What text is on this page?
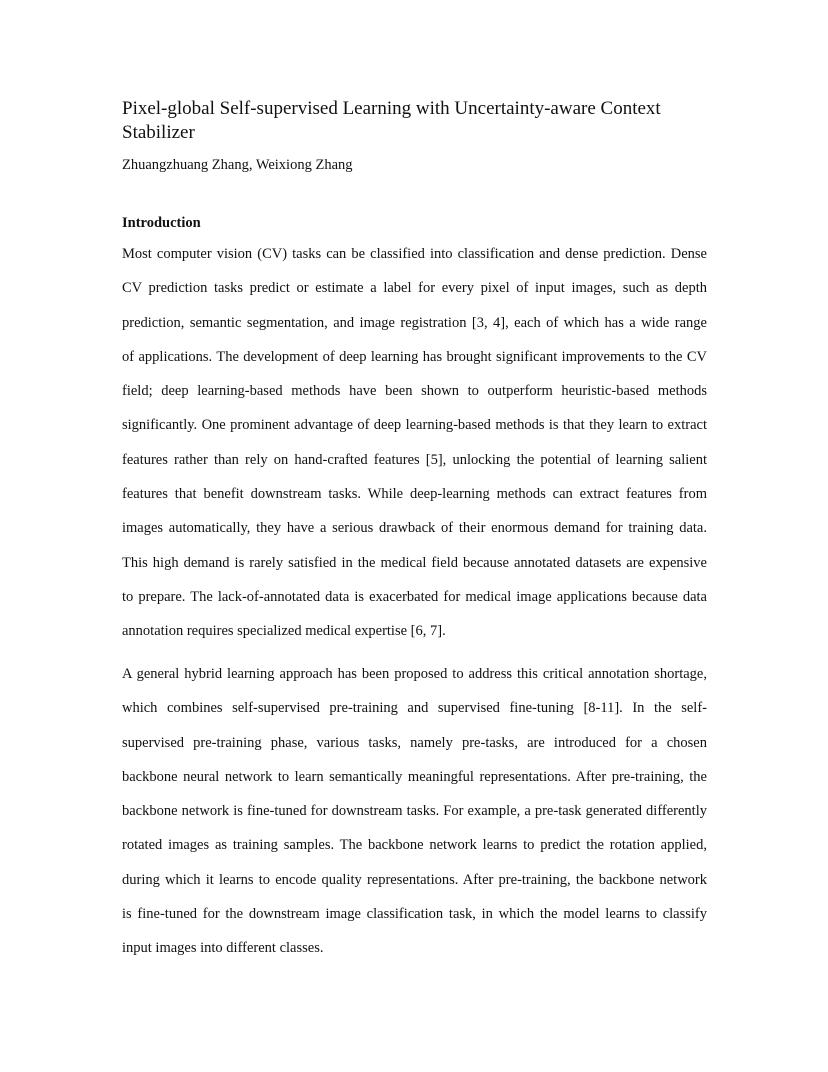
Pixel-global Self-supervised Learning with Uncertainty-aware Context Stabilizer

Zhuangzhuang Zhang, Weixiong Zhang

Introduction
Most computer vision (CV) tasks can be classified into classification and dense prediction. Dense
CV prediction tasks predict or estimate a label for every pixel of input images, such as depth
prediction, semantic segmentation, and image registration [3, 4], each of which has a wide range
of applications. The development of deep learning has brought significant improvements to the CV
field; deep learning-based methods have been shown to outperform heuristic-based methods
significantly. One prominent advantage of deep learning-based methods is that they learn to extract
features rather than rely on hand-crafted features [5], unlocking the potential of learning salient
features that benefit downstream tasks. While deep-learning methods can extract features from
images automatically, they have a serious drawback of their enormous demand for training data.
This high demand is rarely satisfied in the medical field because annotated datasets are expensive
to prepare. The lack-of-annotated data is exacerbated for medical image applications because data
annotation requires specialized medical expertise [6, 7].
A general hybrid learning approach has been proposed to address this critical annotation shortage,
which combines self-supervised pre-training and supervised fine-tuning [8-11]. In the self-
supervised pre-training phase, various tasks, namely pre-tasks, are introduced for a chosen
backbone neural network to learn semantically meaningful representations. After pre-training, the
backbone network is fine-tuned for downstream tasks. For example, a pre-task generated differently
rotated images as training samples. The backbone network learns to predict the rotation applied,
during which it learns to encode quality representations. After pre-training, the backbone network
is fine-tuned for the downstream image classification task, in which the model learns to classify
input images into different classes.
